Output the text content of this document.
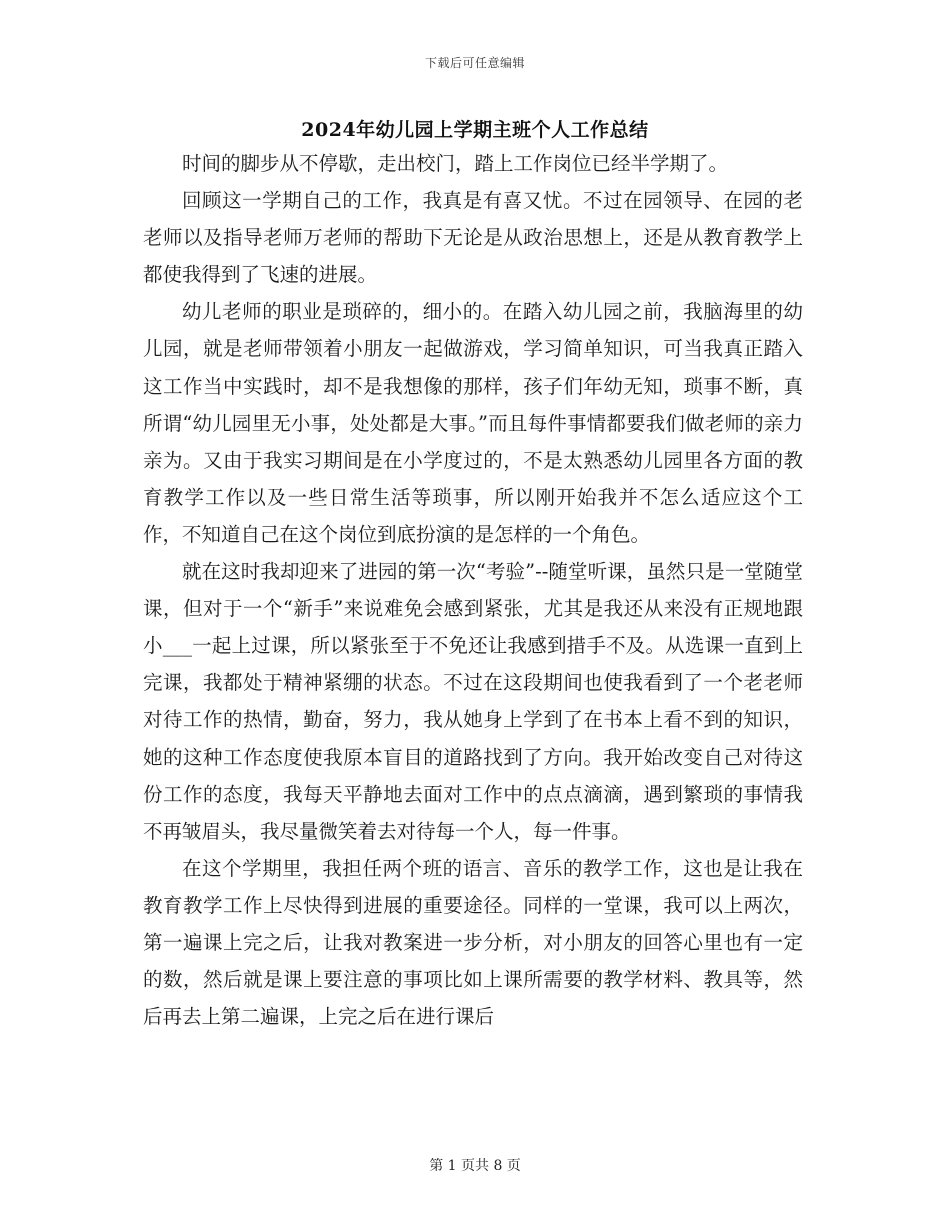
下载后可任意编辑
2024年幼儿园上学期主班个人工作总结

时间的脚步从不停歇，走出校门，踏上工作岗位已经半学期了。

回顾这一学期自己的工作，我真是有喜又忧。不过在园领导、在园的老老师以及指导老师万老师的帮助下无论是从政治思想上，还是从教育教学上都使我得到了飞速的进展。

幼儿老师的职业是琐碎的，细小的。在踏入幼儿园之前，我脑海里的幼儿园，就是老师带领着小朋友一起做游戏，学习简单知识，可当我真正踏入这工作当中实践时，却不是我想像的那样，孩子们年幼无知，琐事不断，真所谓“幼儿园里无小事，处处都是大事。”而且每件事情都要我们做老师的亲力亲为。又由于我实习期间是在小学度过的，不是太熟悉幼儿园里各方面的教育教学工作以及一些日常生活等琐事，所以刚开始我并不怎么适应这个工作，不知道自己在这个岗位到底扮演的是怎样的一个角色。

就在这时我却迎来了进园的第一次“考验”--随堂听课，虽然只是一堂随堂课，但对于一个“新手”来说难免会感到紧张，尤其是我还从来没有正规地跟小___一起上过课，所以紧张至于不免还让我感到措手不及。从选课一直到上完课，我都处于精神紧绷的状态。不过在这段期间也使我看到了一个老老师对待工作的热情，勤奋，努力，我从她身上学到了在书本上看不到的知识，她的这种工作态度使我原本盲目的道路找到了方向。我开始改变自己对待这份工作的态度，我每天平静地去面对工作中的点点滴滴，遇到繁琐的事情我不再皱眉头，我尽量微笑着去对待每一个人，每一件事。

在这个学期里，我担任两个班的语言、音乐的教学工作，这也是让我在教育教学工作上尽快得到进展的重要途径。同样的一堂课，我可以上两次，第一遍课上完之后，让我对教案进一步分析，对小朋友的回答心里也有一定的数，然后就是课上要注意的事项比如上课所需要的教学材料、教具等，然后再去上第二遍课，上完之后在进行课后

第 1 页共 8 页
